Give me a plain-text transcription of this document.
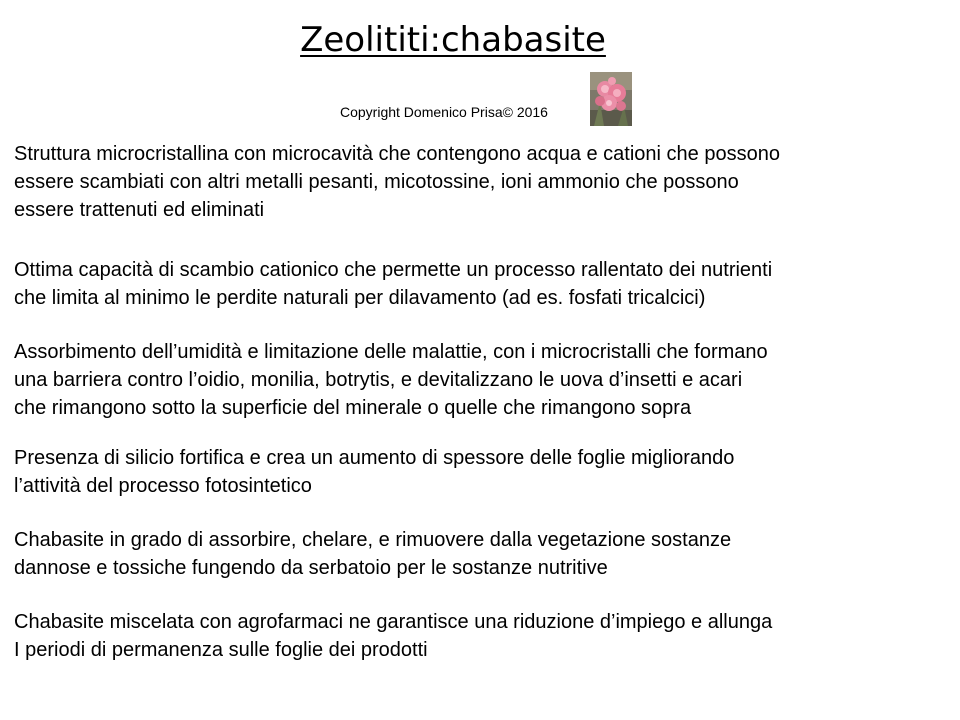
Zeolititi:chabasite
Copyright Domenico Prisa© 2016
Struttura microcristallina con microcavità che contengono acqua e cationi che possono
essere scambiati con altri metalli pesanti, micotossine, ioni ammonio che possono
essere trattenuti ed eliminati
Ottima capacità di scambio cationico che permette un processo rallentato dei nutrienti
che limita al minimo le perdite naturali per dilavamento (ad es. fosfati tricalcici)
Assorbimento dell’umidità e limitazione delle malattie, con i microcristalli che formano
una barriera contro l’oidio, monilia, botrytis, e devitalizzano le uova d’insetti e acari
che rimangono sotto la superficie del minerale o quelle che rimangono sopra
Presenza di silicio fortifica e crea un aumento di spessore delle foglie migliorando
l’attività del processo fotosintetico
Chabasite in grado di assorbire, chelare, e rimuovere dalla vegetazione sostanze
dannose e tossiche fungendo da serbatoio per le sostanze nutritive
Chabasite miscelata con agrofarmaci ne garantisce una riduzione d’impiego e allunga
I periodi di permanenza sulle foglie dei prodotti
